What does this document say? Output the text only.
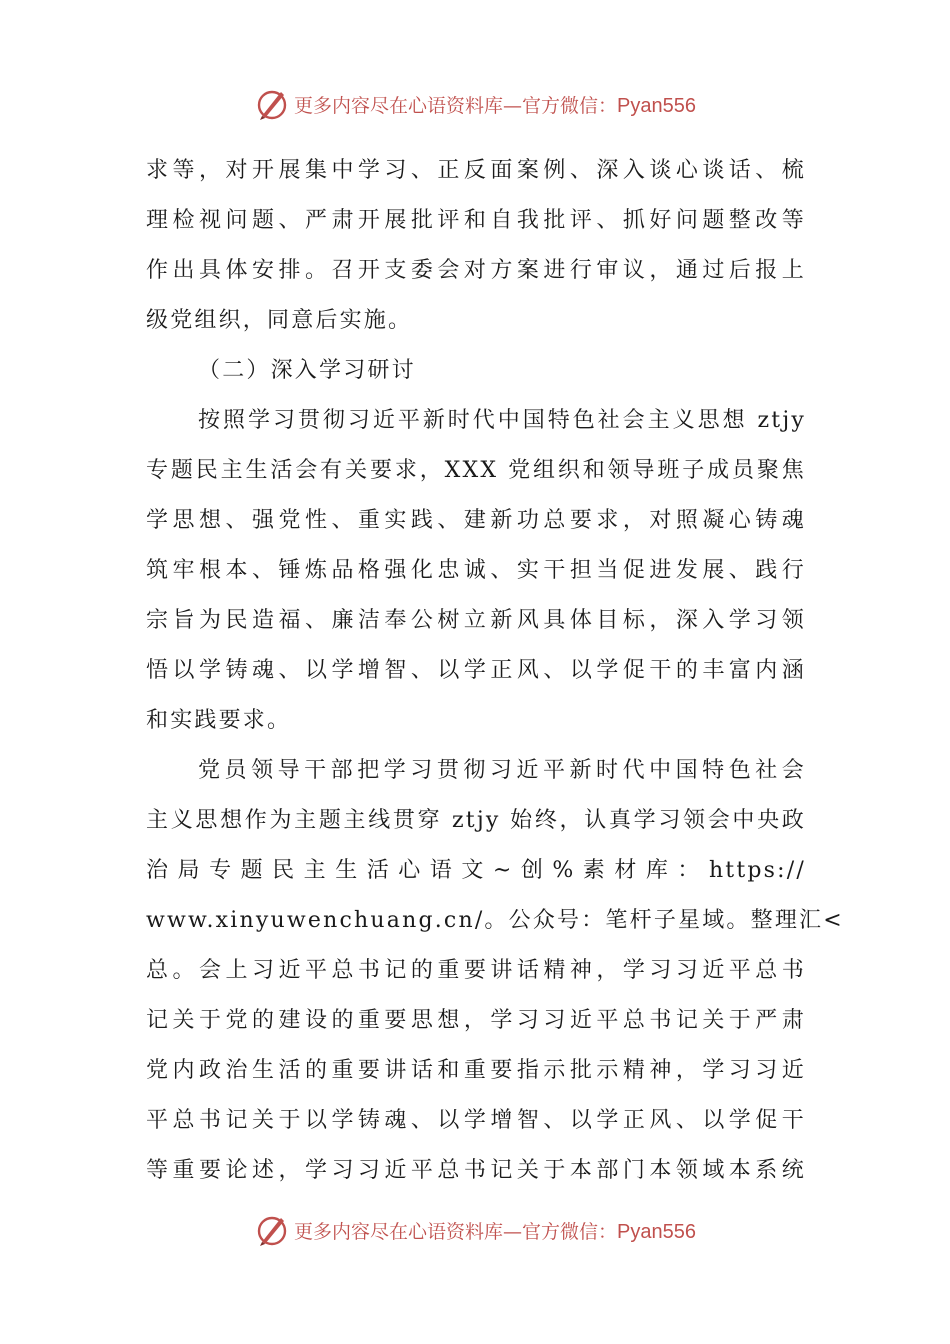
更多内容尽在心语资料库—官方微信：Pyan556
求等，对开展集中学习、正反面案例、深入谈心谈话、梳
理检视问题、严肃开展批评和自我批评、抓好问题整改等
作出具体安排。召开支委会对方案进行审议，通过后报上
级党组织，同意后实施。
（二）深入学习研讨
按照学习贯彻习近平新时代中国特色社会主义思想 ztjy
专题民主生活会有关要求，XXX 党组织和领导班子成员聚焦
学思想、强党性、重实践、建新功总要求，对照凝心铸魂
筑牢根本、锤炼品格强化忠诚、实干担当促进发展、践行
宗旨为民造福、廉洁奉公树立新风具体目标，深入学习领
悟以学铸魂、以学增智、以学正风、以学促干的丰富内涵
和实践要求。
党员领导干部把学习贯彻习近平新时代中国特色社会
主义思想作为主题主线贯穿 ztjy 始终，认真学习领会中央政
治局专题民主生活心语文~创%素材库：https://
www.xinyuwenchuang.cn/。公众号：笔杆子星域。整理汇<
总。会上习近平总书记的重要讲话精神，学习习近平总书
记关于党的建设的重要思想，学习习近平总书记关于严肃
党内政治生活的重要讲话和重要指示批示精神，学习习近
平总书记关于以学铸魂、以学增智、以学正风、以学促干
等重要论述，学习习近平总书记关于本部门本领域本系统
更多内容尽在心语资料库—官方微信：Pyan556
